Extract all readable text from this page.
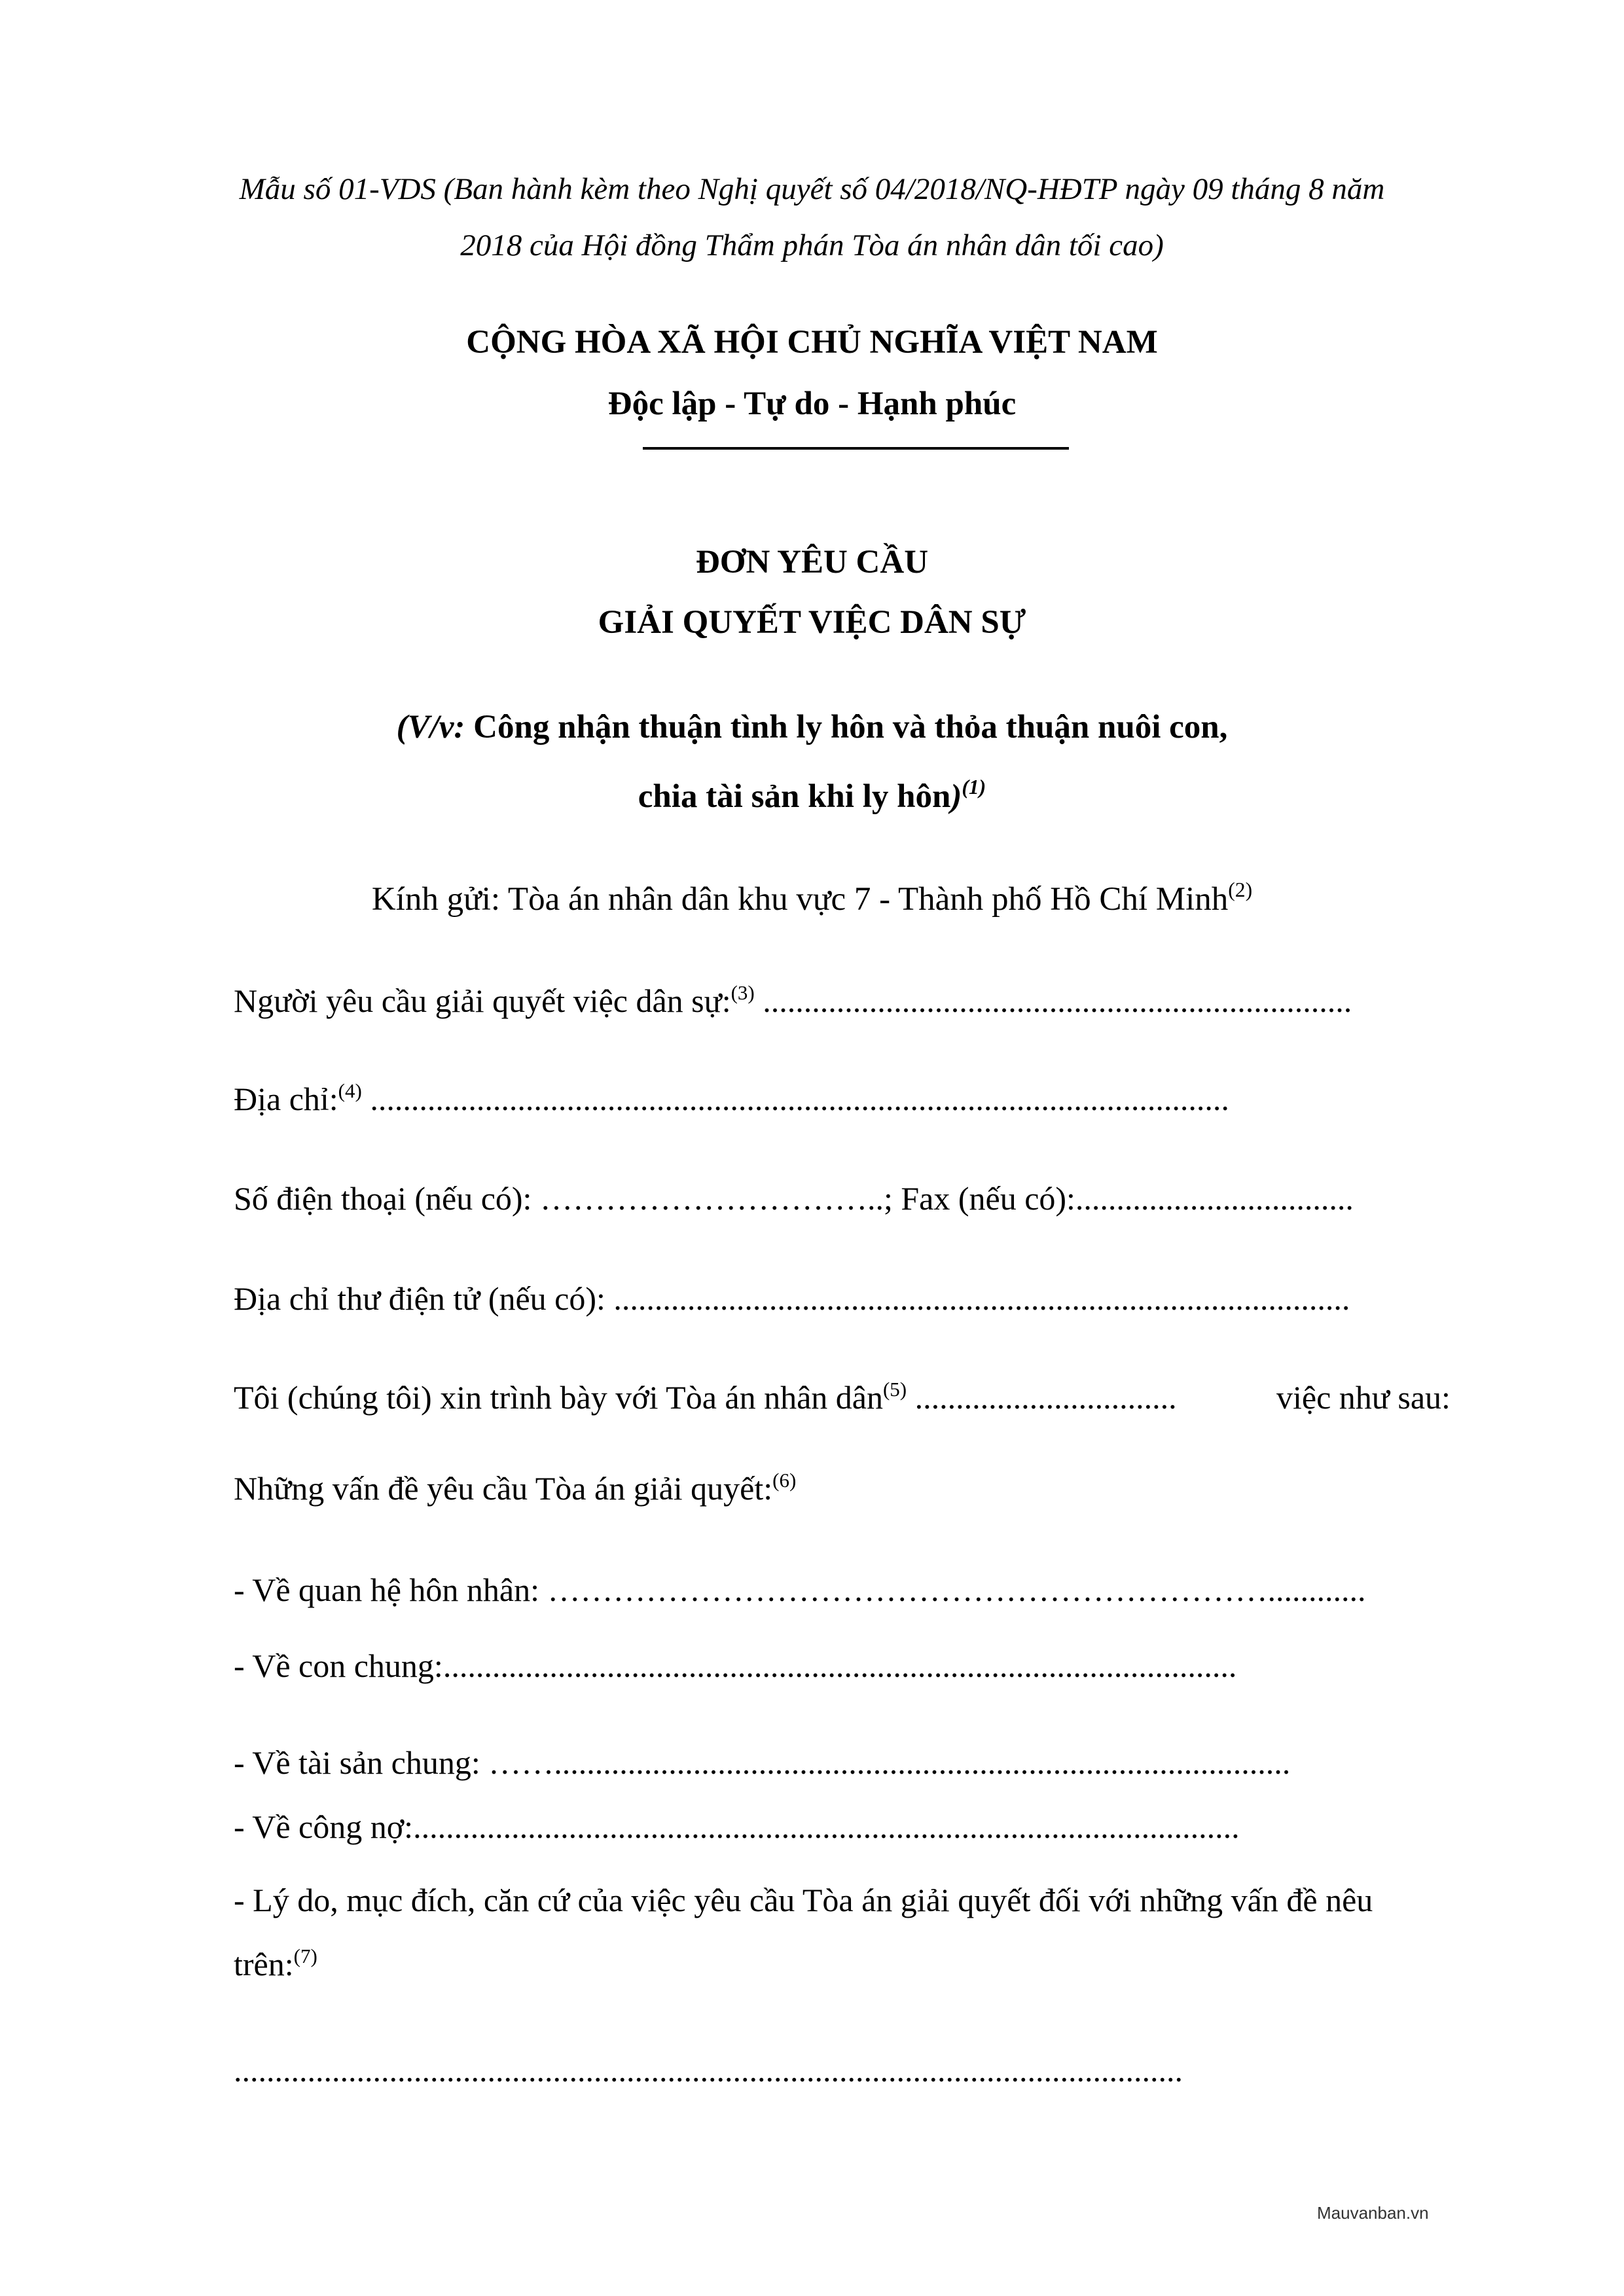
Mẫu số 01-VDS (Ban hành kèm theo Nghị quyết số 04/2018/NQ-HĐTP ngày 09 tháng 8 năm
2018 của Hội đồng Thẩm phán Tòa án nhân dân tối cao)
CỘNG HÒA XÃ HỘI CHỦ NGHĨA VIỆT NAM
Độc lập - Tự do - Hạnh phúc
ĐƠN YÊU CẦU
GIẢI QUYẾT VIỆC DÂN SỰ
(V/v: Công nhận thuận tình ly hôn và thỏa thuận nuôi con,
chia tài sản khi ly hôn)$^{(1)}$
Kính gửi: Tòa án nhân dân khu vực 7 - Thành phố Hồ Chí Minh$^{(2)}$
Người yêu cầu giải quyết việc dân sự:$^{(3)}$ ........................................................................
Địa chỉ:$^{(4)}$ .........................................................................................................
Số điện thoại (nếu có): …………………………..; Fax (nếu có):..................................
Địa chỉ thư điện tử (nếu có): ..........................................................................................
Tôi (chúng tôi) xin trình bày với Tòa án nhân dân$^{(5)}$ ................................	việc như sau:
Những vấn đề yêu cầu Tòa án giải quyết:$^{(6)}$
- Về quan hệ hôn nhân: …………………………………………………………............
- Về con chung:.................................................................................................
- Về tài sản chung: ……..........................................................................................
- Về công nợ:.....................................................................................................
- Lý do, mục đích, căn cứ của việc yêu cầu Tòa án giải quyết đối với những vấn đề nêu
trên:$^{(7)}$
....................................................................................................................
Mauvanban.vn
